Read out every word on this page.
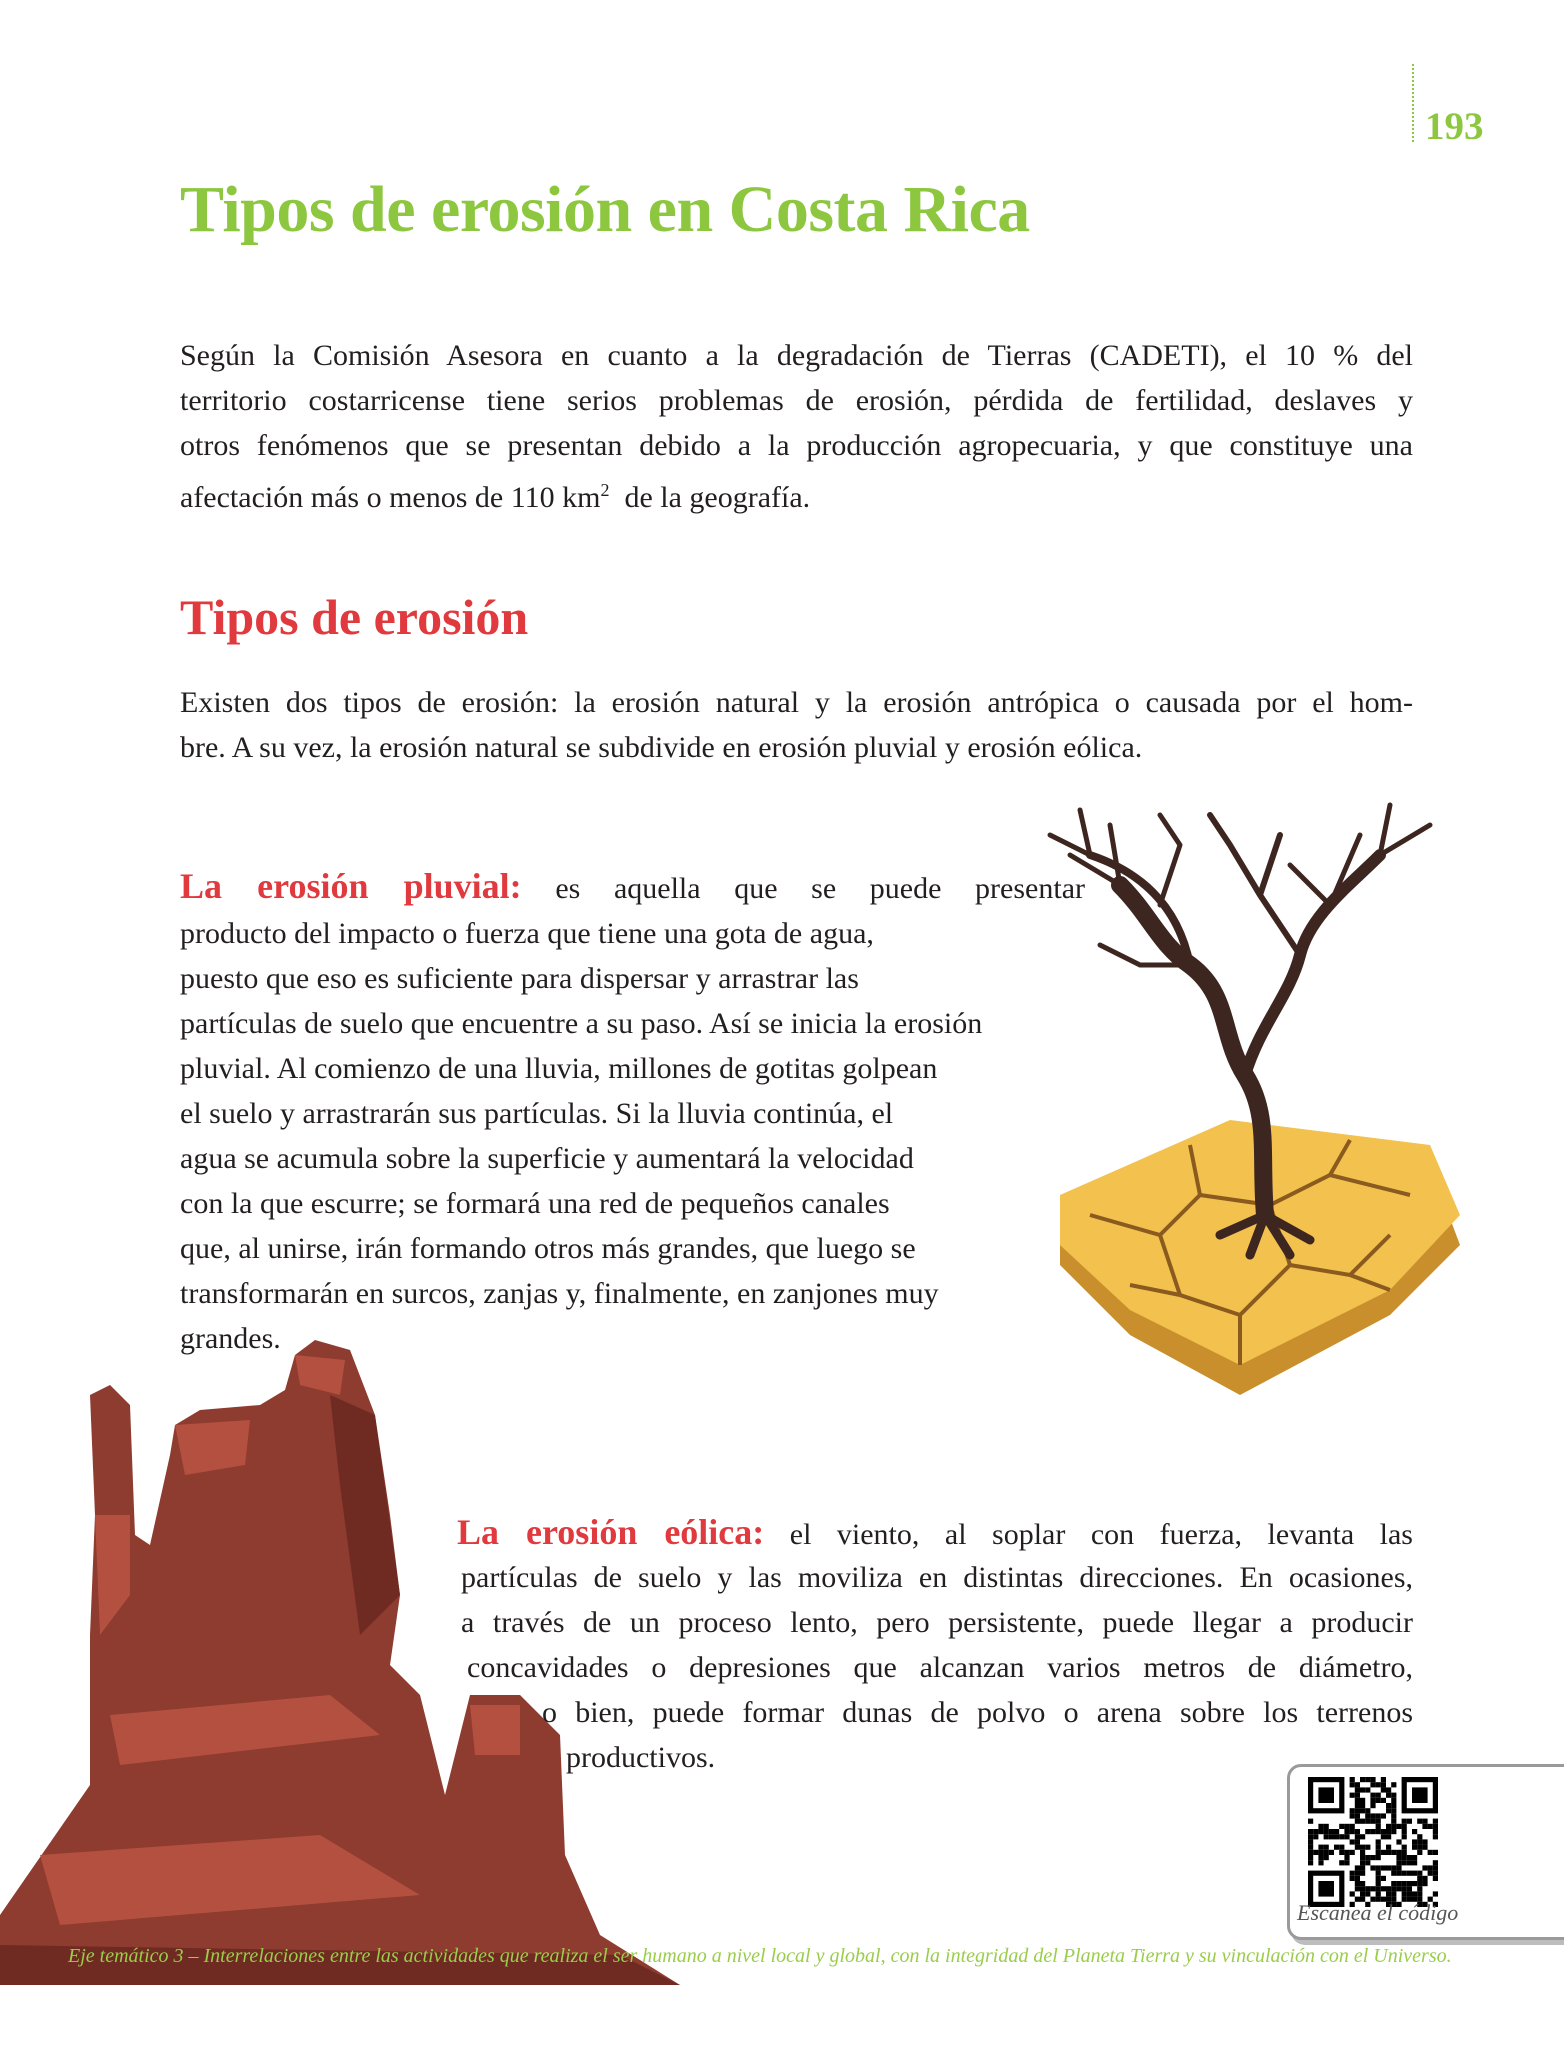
193
Tipos de erosión en Costa Rica
Según la Comisión Asesora en cuanto a la degradación de Tierras (CADETI), el 10 % del
territorio costarricense tiene serios problemas de erosión, pérdida de fertilidad, deslaves y
otros fenómenos que se presentan debido a la producción agropecuaria, y que constituye una
afectación más o menos de 110 $km^2$  de la geografía.
Tipos de erosión
Existen dos tipos de erosión: la erosión natural y la erosión antrópica o causada por el hom-
bre. A su vez, la erosión natural se subdivide en erosión pluvial y erosión eólica.
La erosión pluvial: es aquella que se puede presentar
producto del impacto o fuerza que tiene una gota de agua,
puesto que eso es suficiente para dispersar y arrastrar las
partículas de suelo que encuentre a su paso. Así se inicia la erosión
pluvial. Al comienzo de una lluvia, millones de gotitas golpean
el suelo y arrastrarán sus partículas. Si la lluvia continúa, el
agua se acumula sobre la superficie y aumentará la velocidad
con la que escurre; se formará una red de pequeños canales
que, al unirse, irán formando otros más grandes, que luego se
transformarán en surcos, zanjas y, finalmente, en zanjones muy
grandes.
La erosión eólica: el viento, al soplar con fuerza, levanta las
partículas de suelo y las moviliza en distintas direcciones. En ocasiones,
a través de un proceso lento, pero persistente, puede llegar a producir
concavidades o depresiones que alcanzan varios metros de diámetro,
o bien, puede formar dunas de polvo o arena sobre los terrenos
productivos.
Escanea el código
Eje temático 3 – Interrelaciones entre las actividades que realiza el ser humano a nivel local y global, con la integridad del Planeta Tierra y su vinculación con el Universo.
